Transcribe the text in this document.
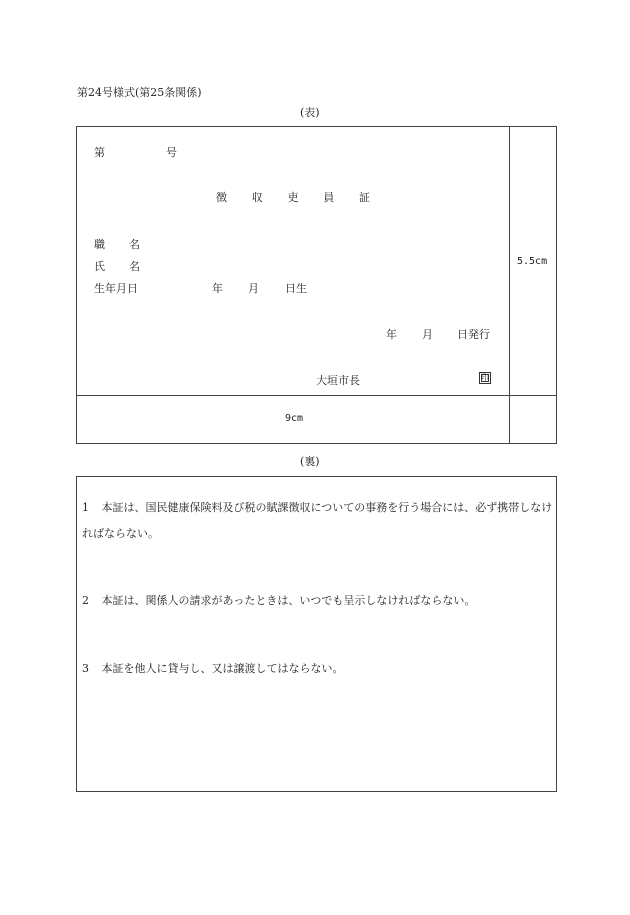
第24号様式(第25条関係)
(表)
第	号
徴 収 吏 員 証
職 名
氏 名
生年月日	年 月 日生
年 月 日発行
大垣市長	印
5.5cm
9cm
(裏)
1 本証は、国民健康保険料及び税の賦課徴収についての事務を行う場合には、必ず携帯しなければならない。
2 本証は、関係人の請求があったときは、いつでも呈示しなければならない。
3 本証を他人に貸与し、又は譲渡してはならない。
